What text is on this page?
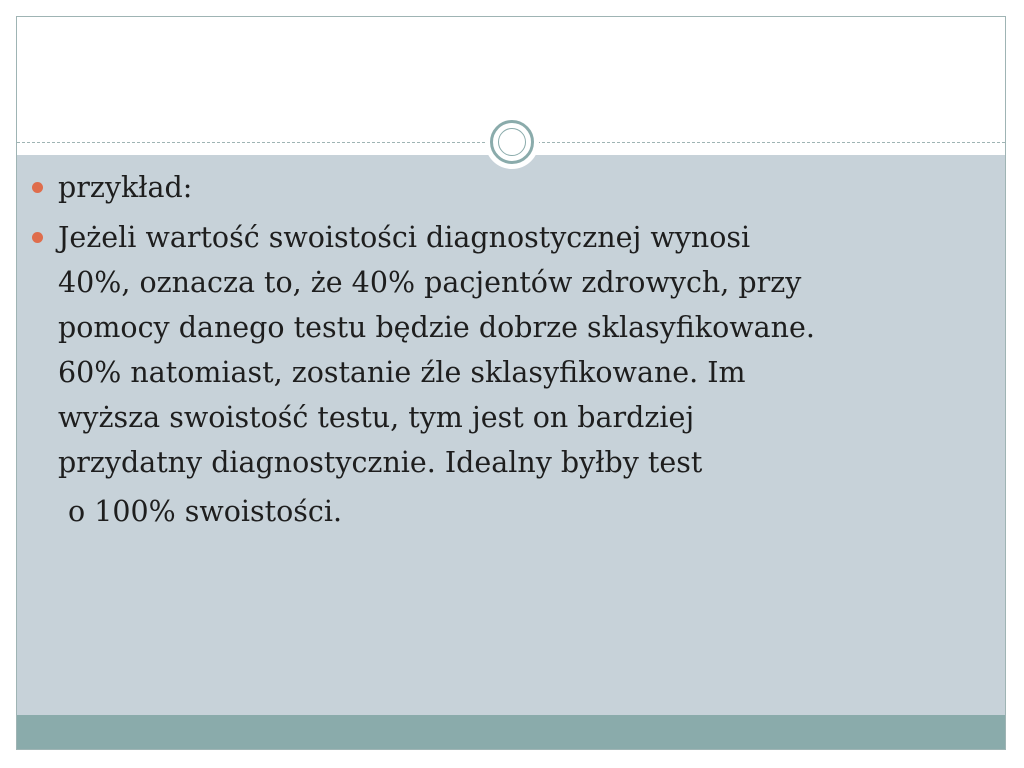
przykład:
Jeżeli wartość swoistości diagnostycznej wynosi
40%, oznacza to, że 40% pacjentów zdrowych, przy
pomocy danego testu będzie dobrze sklasyfikowane.
60% natomiast, zostanie źle sklasyfikowane. Im
wyższa swoistość testu, tym jest on bardziej
przydatny diagnostycznie. Idealny byłby test
o 100% swoistości.
